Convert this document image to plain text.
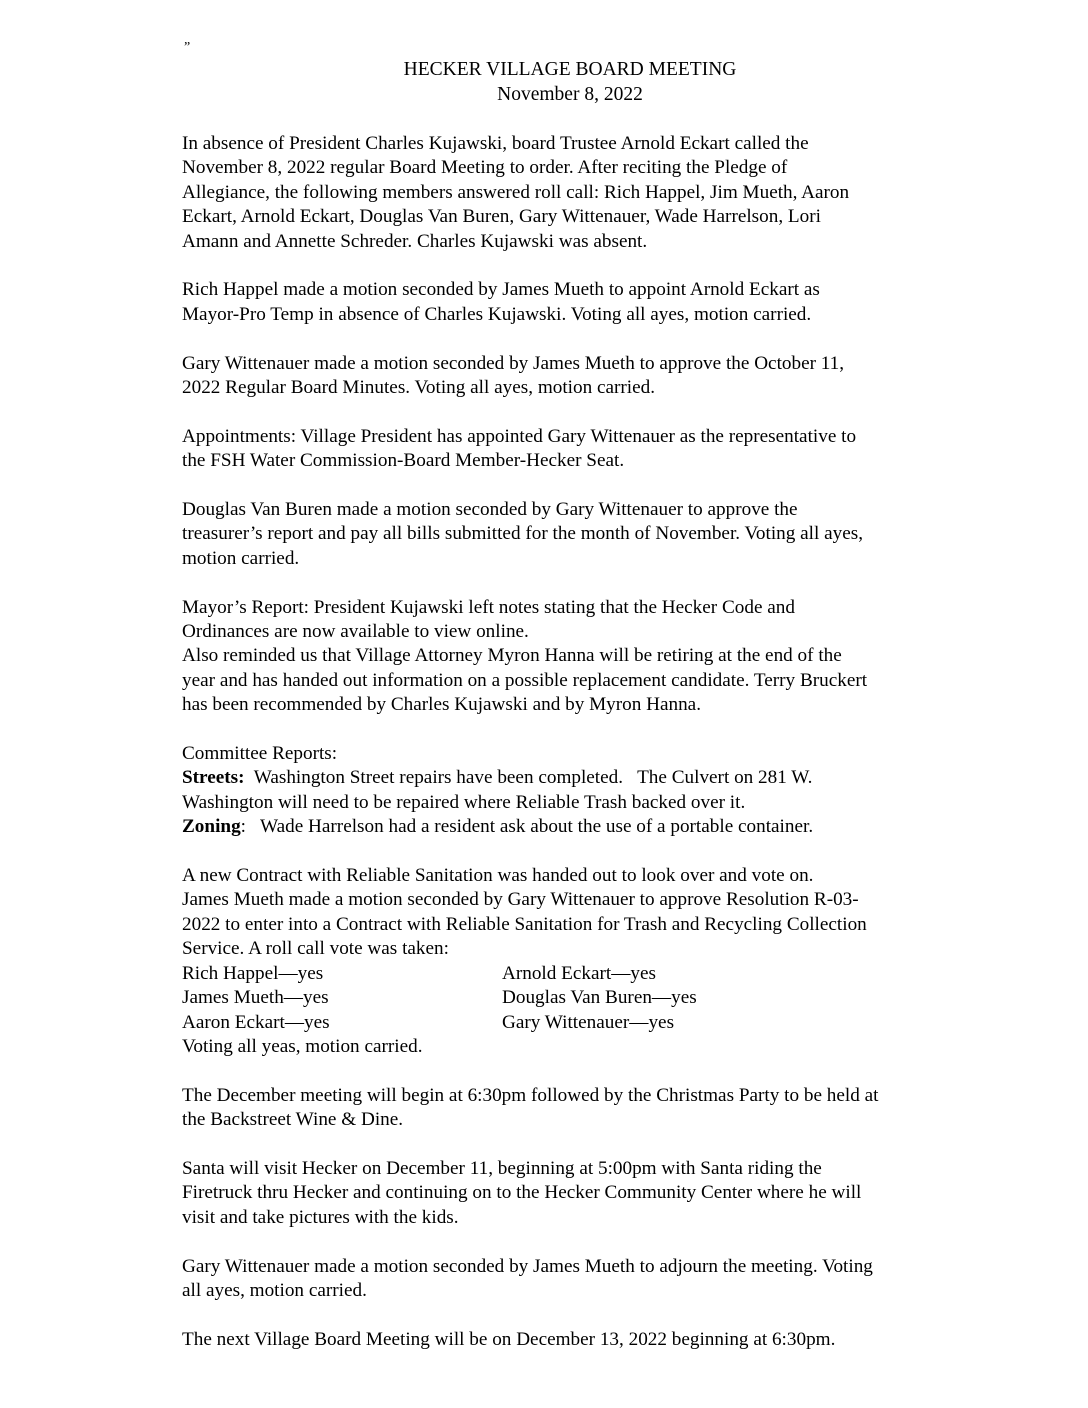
”
HECKER VILLAGE BOARD MEETING
November 8, 2022

In absence of President Charles Kujawski, board Trustee Arnold Eckart called the
November 8, 2022 regular Board Meeting to order. After reciting the Pledge of
Allegiance, the following members answered roll call: Rich Happel, Jim Mueth, Aaron
Eckart, Arnold Eckart, Douglas Van Buren, Gary Wittenauer, Wade Harrelson, Lori
Amann and Annette Schreder. Charles Kujawski was absent.

Rich Happel made a motion seconded by James Mueth to appoint Arnold Eckart as
Mayor-Pro Temp in absence of Charles Kujawski. Voting all ayes, motion carried.

Gary Wittenauer made a motion seconded by James Mueth to approve the October 11,
2022 Regular Board Minutes. Voting all ayes, motion carried.

Appointments: Village President has appointed Gary Wittenauer as the representative to
the FSH Water Commission-Board Member-Hecker Seat.

Douglas Van Buren made a motion seconded by Gary Wittenauer to approve the
treasurer’s report and pay all bills submitted for the month of November. Voting all ayes,
motion carried.

Mayor’s Report: President Kujawski left notes stating that the Hecker Code and
Ordinances are now available to view online.
Also reminded us that Village Attorney Myron Hanna will be retiring at the end of the
year and has handed out information on a possible replacement candidate. Terry Bruckert
has been recommended by Charles Kujawski and by Myron Hanna.

Committee Reports:
Streets:  Washington Street repairs have been completed.   The Culvert on 281 W.
Washington will need to be repaired where Reliable Trash backed over it.
Zoning:   Wade Harrelson had a resident ask about the use of a portable container.

A new Contract with Reliable Sanitation was handed out to look over and vote on.
James Mueth made a motion seconded by Gary Wittenauer to approve Resolution R-03-
2022 to enter into a Contract with Reliable Sanitation for Trash and Recycling Collection
Service. A roll call vote was taken:
Rich Happel—yes	Arnold Eckart—yes
James Mueth—yes	Douglas Van Buren—yes
Aaron Eckart—yes	Gary Wittenauer—yes
Voting all yeas, motion carried.

The December meeting will begin at 6:30pm followed by the Christmas Party to be held at
the Backstreet Wine & Dine.

Santa will visit Hecker on December 11, beginning at 5:00pm with Santa riding the
Firetruck thru Hecker and continuing on to the Hecker Community Center where he will
visit and take pictures with the kids.

Gary Wittenauer made a motion seconded by James Mueth to adjourn the meeting. Voting
all ayes, motion carried.

The next Village Board Meeting will be on December 13, 2022 beginning at 6:30pm.
